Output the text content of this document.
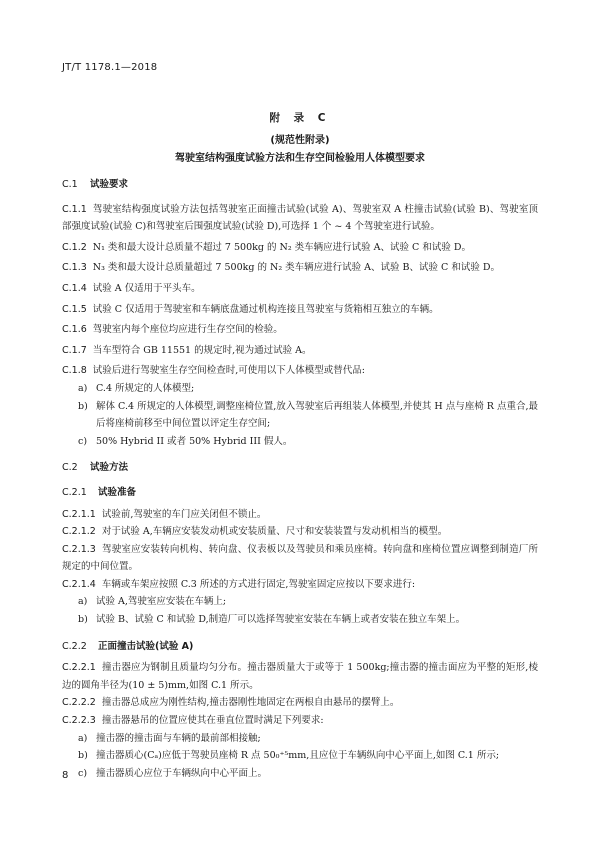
JT/T 1178.1—2018
附 录 C
(规范性附录)
驾驶室结构强度试验方法和生存空间检验用人体模型要求
C.1 试验要求
C.1.1 驾驶室结构强度试验方法包括驾驶室正面撞击试验(试验 A)、驾驶室双 A 柱撞击试验(试验 B)、驾驶室顶部强度试验(试验 C)和驾驶室后围强度试验(试验 D),可选择 1 个 ~ 4 个驾驶室进行试验。
C.1.2 N₁ 类和最大设计总质量不超过 7 500kg 的 N₂ 类车辆应进行试验 A、试验 C 和试验 D。
C.1.3 N₃ 类和最大设计总质量超过 7 500kg 的 N₂ 类车辆应进行试验 A、试验 B、试验 C 和试验 D。
C.1.4 试验 A 仅适用于平头车。
C.1.5 试验 C 仅适用于驾驶室和车辆底盘通过机构连接且驾驶室与货箱相互独立的车辆。
C.1.6 驾驶室内每个座位均应进行生存空间的检验。
C.1.7 当车型符合 GB 11551 的规定时,视为通过试验 A。
C.1.8 试验后进行驾驶室生存空间检查时,可使用以下人体模型或替代品:
a) C.4 所规定的人体模型;
b) 解体 C.4 所规定的人体模型,调整座椅位置,放入驾驶室后再组装人体模型,并使其 H 点与座椅 R 点重合,最后将座椅前移至中间位置以评定生存空间;
c) 50% Hybrid II 或者 50% Hybrid III 假人。
C.2 试验方法
C.2.1 试验准备
C.2.1.1 试验前,驾驶室的车门应关闭但不锁止。
C.2.1.2 对于试验 A,车辆应安装发动机或安装质量、尺寸和安装装置与发动机相当的模型。
C.2.1.3 驾驶室应安装转向机构、转向盘、仪表板以及驾驶员和乘员座椅。转向盘和座椅位置应调整到制造厂所规定的中间位置。
C.2.1.4 车辆或车架应按照 C.3 所述的方式进行固定,驾驶室固定应按以下要求进行:
a) 试验 A,驾驶室应安装在车辆上;
b) 试验 B、试验 C 和试验 D,制造厂可以选择驾驶室安装在车辆上或者安装在独立车架上。
C.2.2 正面撞击试验(试验 A)
C.2.2.1 撞击器应为钢制且质量均匀分布。撞击器质量大于或等于 1 500kg;撞击器的撞击面应为平整的矩形,棱边的圆角半径为(10 ± 5)mm,如图 C.1 所示。
C.2.2.2 撞击器总成应为刚性结构,撞击器刚性地固定在两根自由悬吊的摆臂上。
C.2.2.3 撞击器悬吊的位置应使其在垂直位置时满足下列要求:
a) 撞击器的撞击面与车辆的最前部相接触;
b) 撞击器质心(Cₐ)应低于驾驶员座椅 R 点 50₀⁺⁵mm,且应位于车辆纵向中心平面上,如图 C.1 所示;
c) 撞击器质心应位于车辆纵向中心平面上。
8
